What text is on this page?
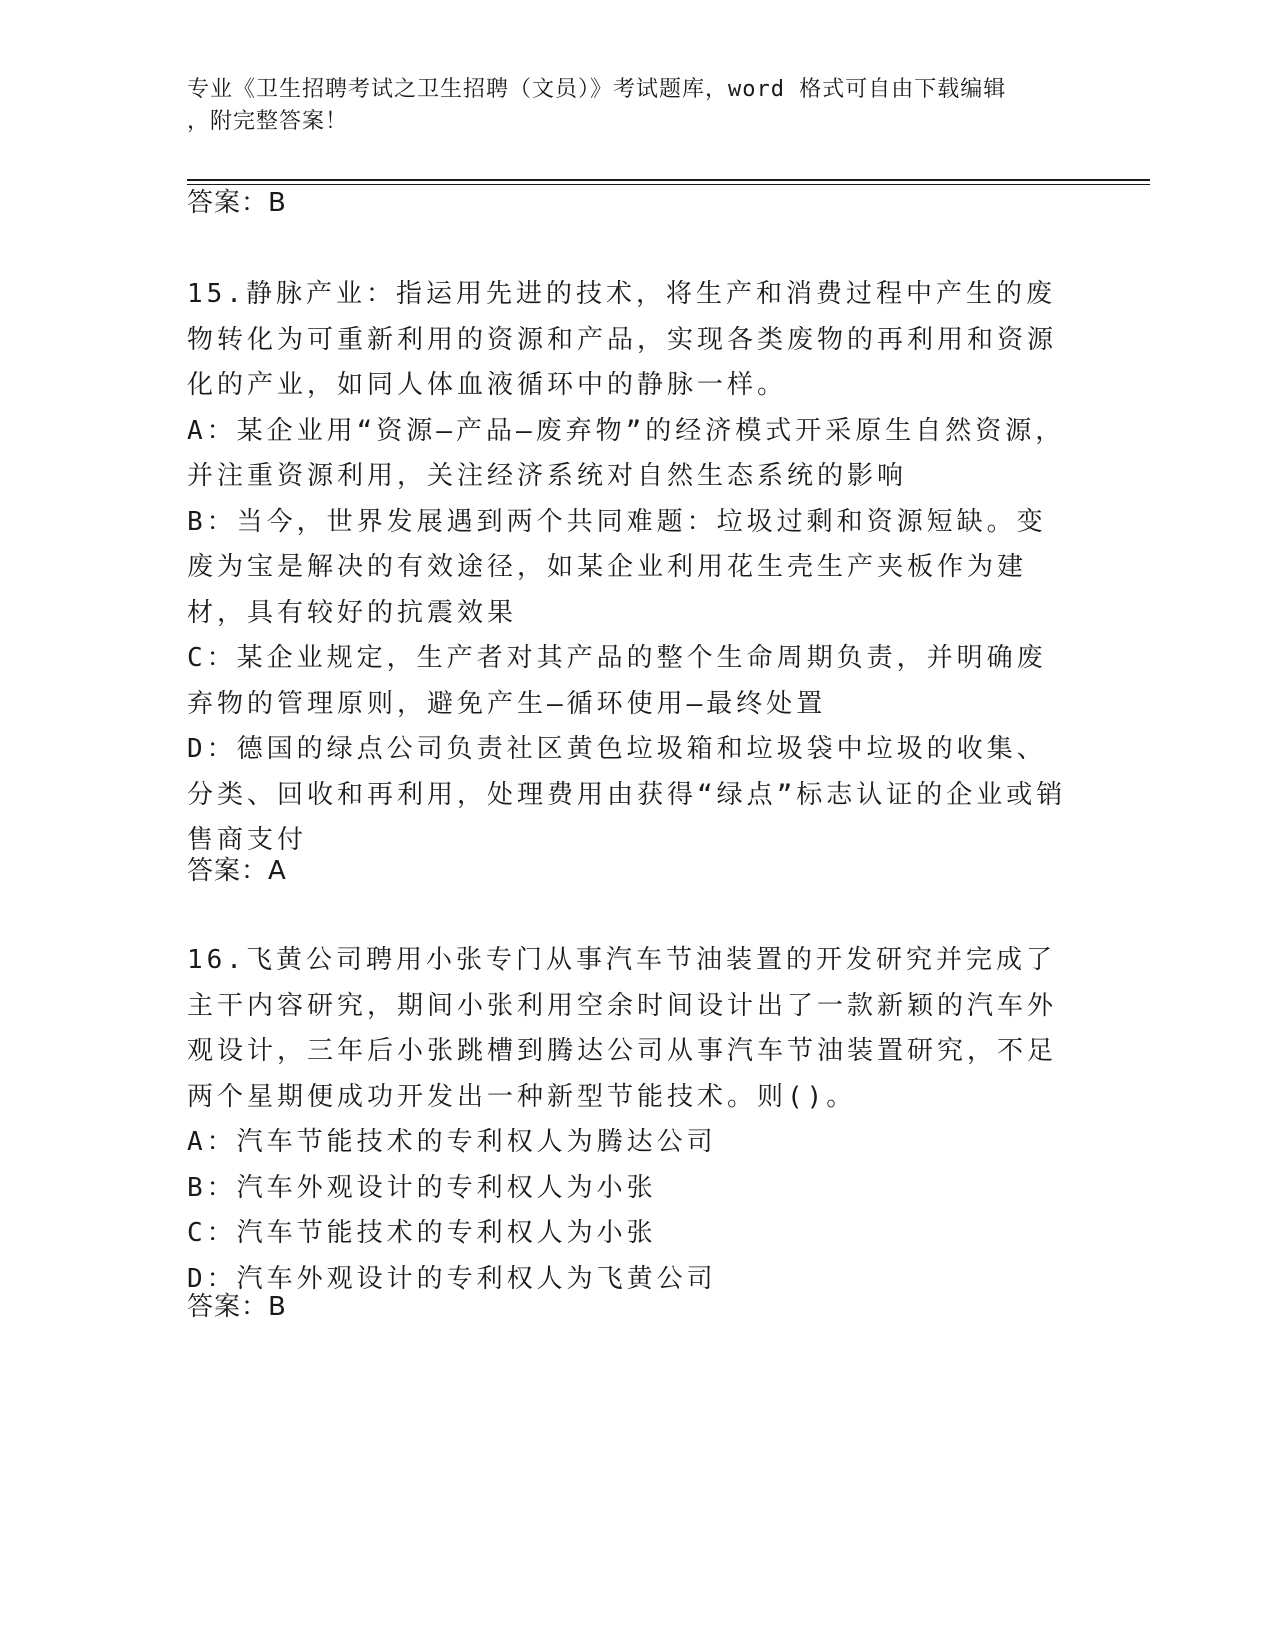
专业《卫生招聘考试之卫生招聘（文员）》考试题库，word 格式可自由下载编辑
，附完整答案！
答案：B

15.静脉产业：指运用先进的技术，将生产和消费过程中产生的废物转化为可重新利用的资源和产品，实现各类废物的再利用和资源化的产业，如同人体血液循环中的静脉一样。

A：某企业用“资源—产品—废弃物”的经济模式开采原生自然资源，并注重资源利用，关注经济系统对自然生态系统的影响

B：当今，世界发展遇到两个共同难题：垃圾过剩和资源短缺。变废为宝是解决的有效途径，如某企业利用花生壳生产夹板作为建材，具有较好的抗震效果

C：某企业规定，生产者对其产品的整个生命周期负责，并明确废弃物的管理原则，避免产生—循环使用—最终处置

D：德国的绿点公司负责社区黄色垃圾箱和垃圾袋中垃圾的收集、分类、回收和再利用，处理费用由获得“绿点”标志认证的企业或销售商支付

答案：A

16.飞黄公司聘用小张专门从事汽车节油装置的开发研究并完成了主干内容研究，期间小张利用空余时间设计出了一款新颖的汽车外观设计，三年后小张跳槽到腾达公司从事汽车节油装置研究，不足两个星期便成功开发出一种新型节能技术。则()。

A：汽车节能技术的专利权人为腾达公司

B：汽车外观设计的专利权人为小张

C：汽车节能技术的专利权人为小张

D：汽车外观设计的专利权人为飞黄公司

答案：B
